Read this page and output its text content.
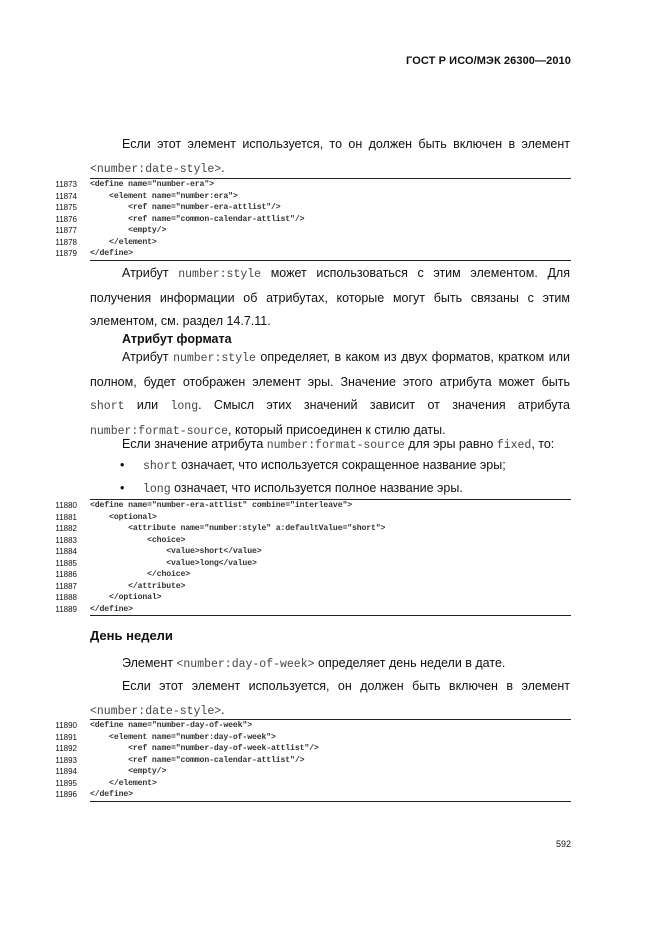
ГОСТ Р ИСО/МЭК 26300—2010
Если этот элемент используется, то он должен быть включен в элемент <number:date-style>.
11873 <define name="number-era">
11874 <element name="number:era">
11875 <ref name="number-era-attlist"/>
11876 <ref name="common-calendar-attlist"/>
11877 <empty/>
11878 </element>
11879 </define>
Атрибут number:style может использоваться с этим элементом. Для получения информации об атрибутах, которые могут быть связаны с этим элементом, см. раздел 14.7.11.
Атрибут формата
Атрибут number:style определяет, в каком из двух форматов, кратком или полном, будет отображен элемент эры. Значение этого атрибута может быть short или long. Смысл этих значений зависит от значения атрибута number:format-source, который присоединен к стилю даты.
Если значение атрибута number:format-source для эры равно fixed, то:
• short означает, что используется сокращенное название эры;
• long означает, что используется полное название эры.
11880 <define name="number-era-attlist" combine="interleave">
11881 <optional>
11882 <attribute name="number:style" a:defaultValue="short">
11883 <choice>
11884 <value>short</value>
11885 <value>long</value>
11886 </choice>
11887 </attribute>
11888 </optional>
11889 </define>
День недели
Элемент <number:day-of-week> определяет день недели в дате.
Если этот элемент используется, он должен быть включен в элемент <number:date-style>.
11890 <define name="number-day-of-week">
11891 <element name="number:day-of-week">
11892 <ref name="number-day-of-week-attlist"/>
11893 <ref name="common-calendar-attlist"/>
11894 <empty/>
11895 </element>
11896 </define>
592
